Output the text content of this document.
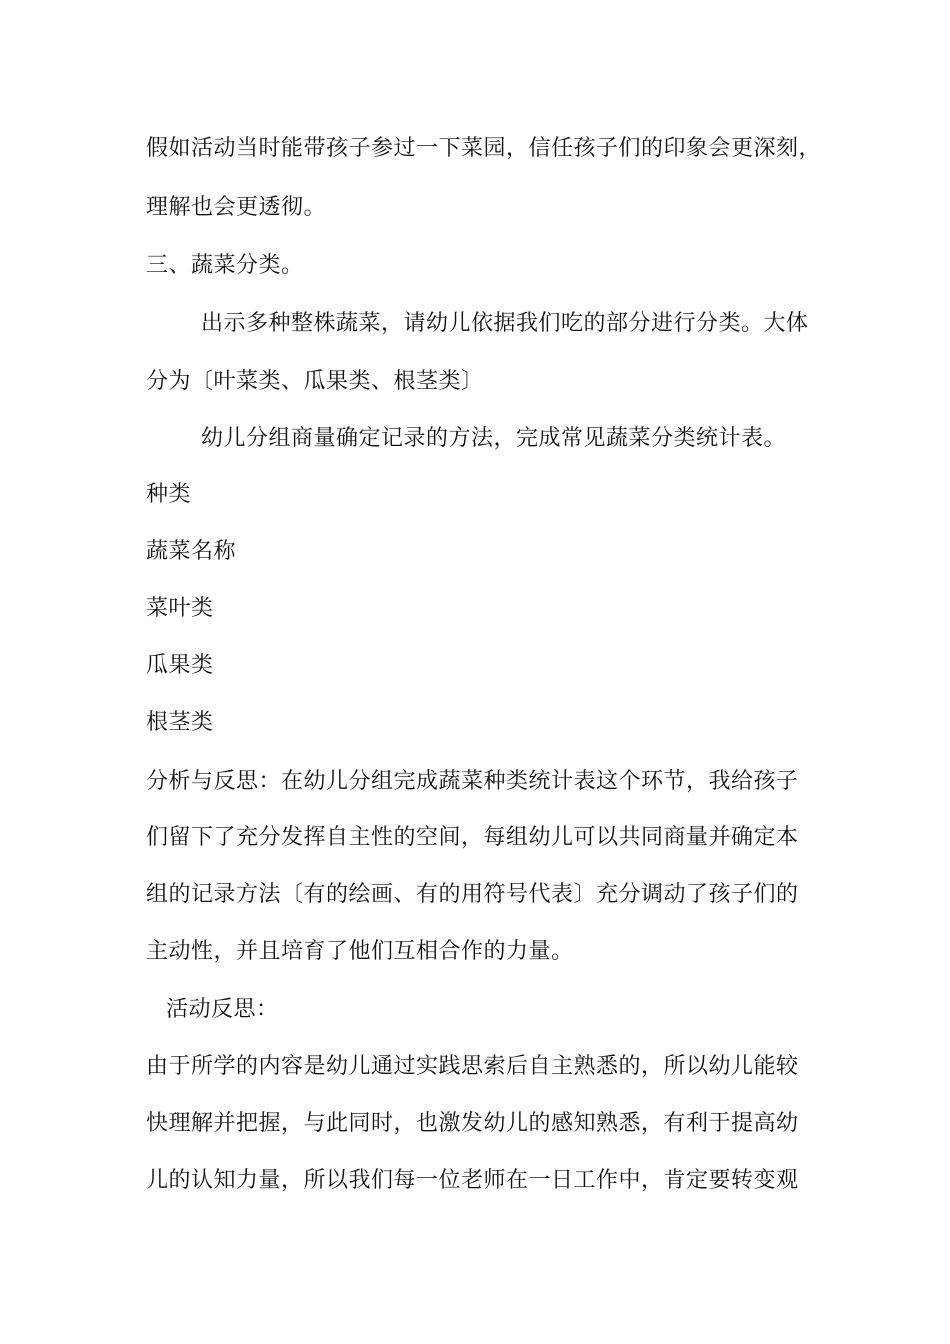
假如活动当时能带孩子参过一下菜园，信任孩子们的印象会更深刻，
理解也会更透彻。
三、蔬菜分类。
出示多种整株蔬菜，请幼儿依据我们吃的部分进行分类。大体
分为〔叶菜类、瓜果类、根茎类〕
幼儿分组商量确定记录的方法，完成常见蔬菜分类统计表。
种类
蔬菜名称
菜叶类
瓜果类
根茎类
分析与反思：在幼儿分组完成蔬菜种类统计表这个环节，我给孩子
们留下了充分发挥自主性的空间，每组幼儿可以共同商量并确定本
组的记录方法〔有的绘画、有的用符号代表〕充分调动了孩子们的
主动性，并且培育了他们互相合作的力量。
活动反思：
由于所学的内容是幼儿通过实践思索后自主熟悉的，所以幼儿能较
快理解并把握，与此同时，也激发幼儿的感知熟悉，有利于提高幼
儿的认知力量，所以我们每一位老师在一日工作中，肯定要转变观
